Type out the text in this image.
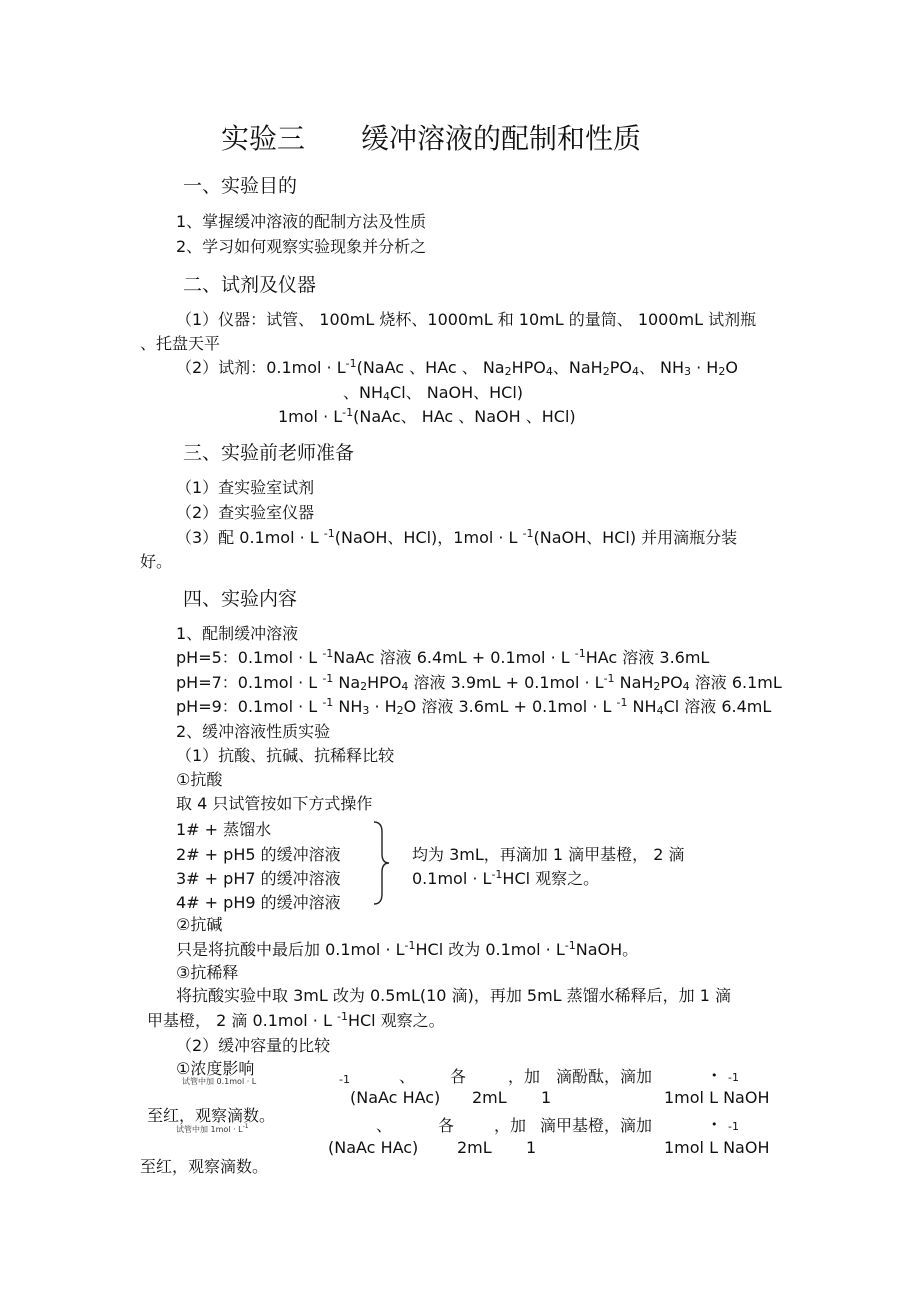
实验三　　缓冲溶液的配制和性质
一、实验目的
1、掌握缓冲溶液的配制方法及性质
2、学习如何观察实验现象并分析之
二、试剂及仪器
（1）仪器：试管、 100mL 烧杯、1000mL 和 10mL 的量筒、 1000mL 试剂瓶
、托盘天平
（2）试剂：$0.1mol \cdot L^{-1}(NaAc$ 、HAc 、 $Na_2HPO_4$、$NaH_2PO_4$、 $NH_3 \cdot H_2O$
、$NH_4Cl$、 NaOH、HCl)
$1mol \cdot L^{-1}(NaAc$、 HAc 、NaOH 、HCl)
三、实验前老师准备
（1）查实验室试剂
（2）查实验室仪器
（3）配 0.1mol · L $^{-1}$(NaOH、HCl)，1mol · L $^{-1}$(NaOH、HCl) 并用滴瓶分装
好。
四、实验内容
1、配制缓冲溶液
pH=5：0.1mol · L $^{-1}$NaAc 溶液 6.4mL + 0.1mol · L $^{-1}$HAc 溶液 3.6mL
pH=7：0.1mol · L $^{-1}$ $Na_2HPO_4$ 溶液 $3.9mL + 0.1mol \cdot L^{-1}$ $NaH_2PO_4$ 溶液 6.1mL
pH=9：0.1mol · L $^{-1}$ $NH_3 \cdot H_2O$ 溶液 3.6mL + 0.1mol · L $^{-1}$ $NH_4Cl$ 溶液 6.4mL
2、缓冲溶液性质实验
（1）抗酸、抗碱、抗稀释比较
①抗酸
取 4 只试管按如下方式操作
1# + 蒸馏水
2# + pH5 的缓冲溶液
3# + pH7 的缓冲溶液
4# + pH9 的缓冲溶液
均为 3mL，再滴加 1 滴甲基橙， 2 滴
$0.1mol \cdot L^{-1}HCl$ 观察之。
②抗碱
只是将抗酸中最后加 $0.1mol \cdot L^{-1}HCl$ 改为 $0.1mol \cdot L^{-1}NaOH$。
③抗稀释
将抗酸实验中取 3mL 改为 0.5mL(10 滴)，再加 5mL 蒸馏水稀释后，加 1 滴
甲基橙， 2 滴 0.1mol · L $^{-1}$HCl 观察之。
（2）缓冲容量的比较
①浓度影响
试管中加 0.1mol · L	-1	、 各	，加 滴酚酞，滴加	• -1
(NaAc HAc) 2mL 1	1mol L NaOH
至红，观察滴数。
试管中加 $1mol \cdot L^{-1}$	、	各 ，加 滴甲基橙，滴加	• -1
(NaAc HAc) 2mL 1	1mol L NaOH
至红，观察滴数。
